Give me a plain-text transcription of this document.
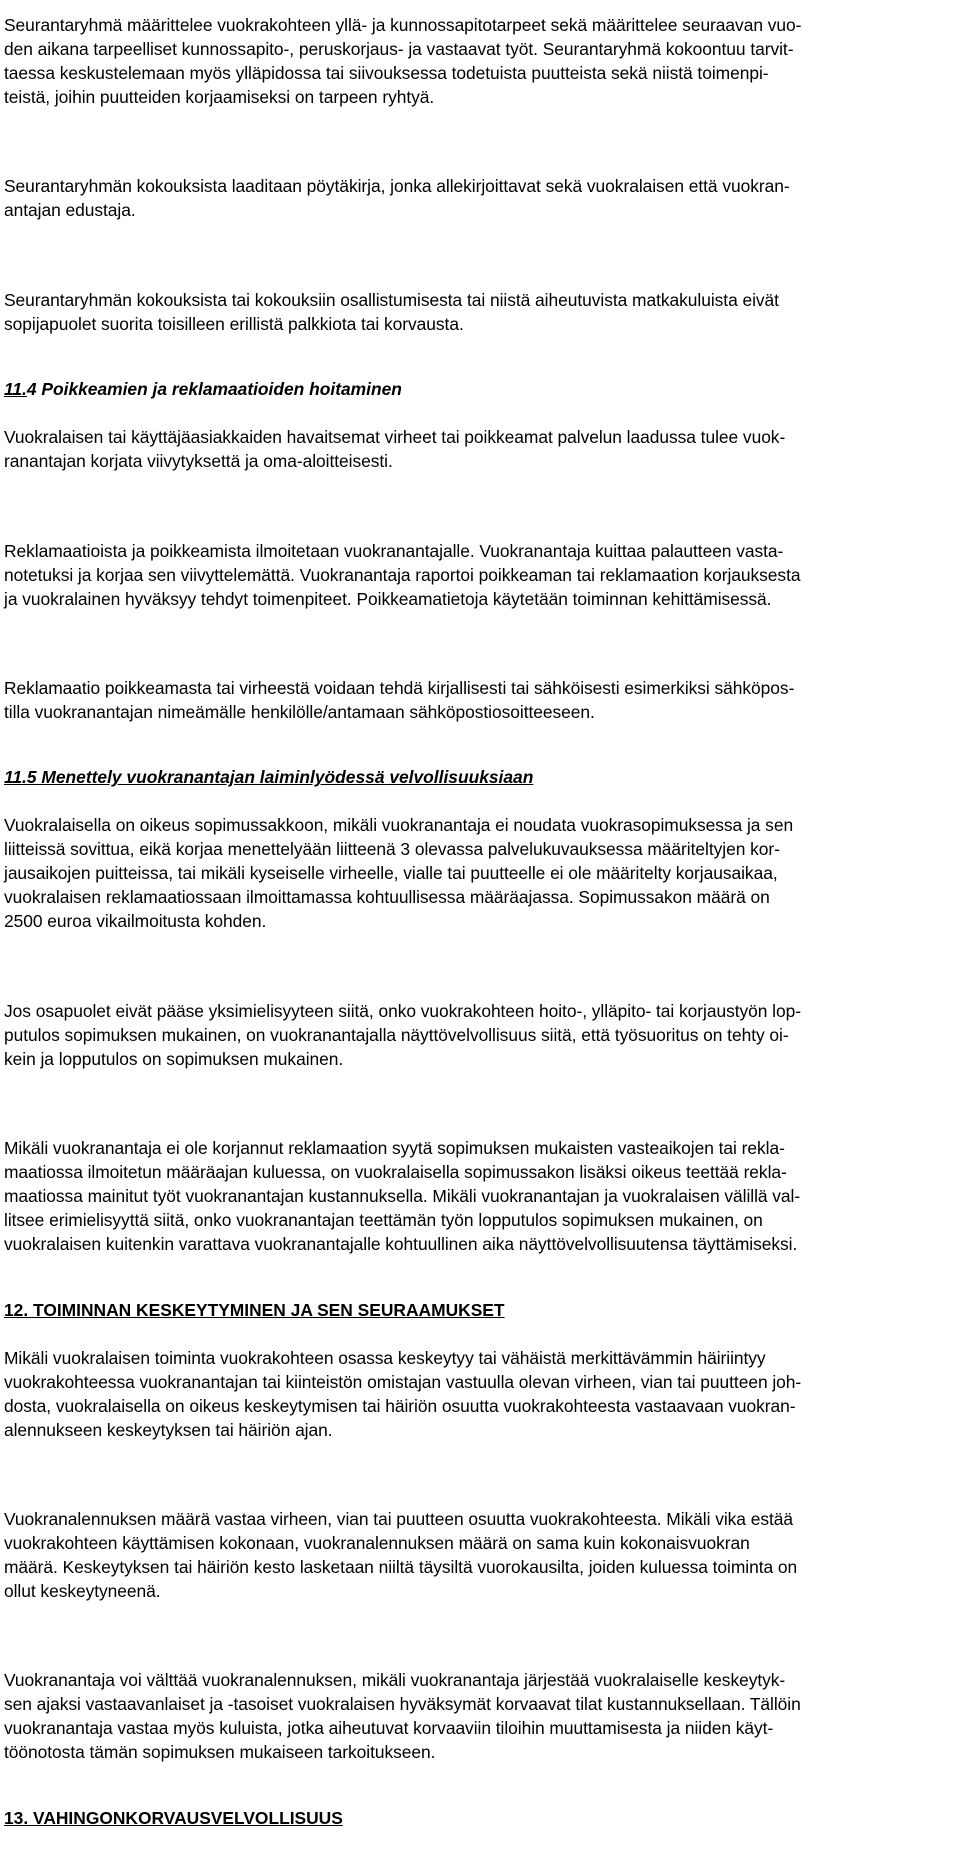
Seurantaryhmä määrittelee vuokrakohteen yllä- ja kunnossapitotarpeet sekä määrittelee seuraavan vuo-
den aikana tarpeelliset kunnossapito-, peruskorjaus- ja vastaavat työt. Seurantaryhmä kokoontuu tarvit-
taessa keskustelemaan myös ylläpidossa tai siivouksessa todetuista puutteista sekä niistä toimenpi-
teistä, joihin puutteiden korjaamiseksi on tarpeen ryhtyä.

Seurantaryhmän kokouksista laaditaan pöytäkirja, jonka allekirjoittavat sekä vuokralaisen että vuokran-
antajan edustaja.

Seurantaryhmän kokouksista tai kokouksiin osallistumisesta tai niistä aiheutuvista matkakuluista eivät
sopijapuolet suorita toisilleen erillistä palkkiota tai korvausta.

11.4 Poikkeamien ja reklamaatioiden hoitaminen

Vuokralaisen tai käyttäjäasiakkaiden havaitsemat virheet tai poikkeamat palvelun laadussa tulee vuok-
ranantajan korjata viivytyksettä ja oma-aloitteisesti.

Reklamaatioista ja poikkeamista ilmoitetaan vuokranantajalle. Vuokranantaja kuittaa palautteen vasta-
notetuksi ja korjaa sen viivyttelemättä. Vuokranantaja raportoi poikkeaman tai reklamaation korjauksesta
ja vuokralainen hyväksyy tehdyt toimenpiteet. Poikkeamatietoja käytetään toiminnan kehittämisessä.

Reklamaatio poikkeamasta tai virheestä voidaan tehdä kirjallisesti tai sähköisesti esimerkiksi sähköpos-
tilla vuokranantajan nimeämälle henkilölle/antamaan sähköpostiosoitteeseen.

11.5 Menettely vuokranantajan laiminlyödessä velvollisuuksiaan

Vuokralaisella on oikeus sopimussakkoon, mikäli vuokranantaja ei noudata vuokrasopimuksessa ja sen
liitteissä sovittua, eikä korjaa menettelyään liitteenä 3 olevassa palvelukuvauksessa määriteltyjen kor-
jausaikojen puitteissa, tai mikäli kyseiselle virheelle, vialle tai puutteelle ei ole määritelty korjausaikaa,
vuokralaisen reklamaatiossaan ilmoittamassa kohtuullisessa määräajassa. Sopimussakon määrä on
2500 euroa vikailmoitusta kohden.

Jos osapuolet eivät pääse yksimielisyyteen siitä, onko vuokrakohteen hoito-, ylläpito- tai korjaustyön lop-
putulos sopimuksen mukainen, on vuokranantajalla näyttövelvollisuus siitä, että työsuoritus on tehty oi-
kein ja lopputulos on sopimuksen mukainen.

Mikäli vuokranantaja ei ole korjannut reklamaation syytä sopimuksen mukaisten vasteaikojen tai rekla-
maatiossa ilmoitetun määräajan kuluessa, on vuokralaisella sopimussakon lisäksi oikeus teettää rekla-
maatiossa mainitut työt vuokranantajan kustannuksella. Mikäli vuokranantajan ja vuokralaisen välillä val-
litsee erimielisyyttä siitä, onko vuokranantajan teettämän työn lopputulos sopimuksen mukainen, on
vuokralaisen kuitenkin varattava vuokranantajalle kohtuullinen aika näyttövelvollisuutensa täyttämiseksi.

12. TOIMINNAN KESKEYTYMINEN JA SEN SEURAAMUKSET

Mikäli vuokralaisen toiminta vuokrakohteen osassa keskeytyy tai vähäistä merkittävämmin häiriintyy
vuokrakohteessa vuokranantajan tai kiinteistön omistajan vastuulla olevan virheen, vian tai puutteen joh-
dosta, vuokralaisella on oikeus keskeytymisen tai häiriön osuutta vuokrakohteesta vastaavaan vuokran-
alennukseen keskeytyksen tai häiriön ajan.

Vuokranalennuksen määrä vastaa virheen, vian tai puutteen osuutta vuokrakohteesta. Mikäli vika estää
vuokrakohteen käyttämisen kokonaan, vuokranalennuksen määrä on sama kuin kokonaisvuokran
määrä. Keskeytyksen tai häiriön kesto lasketaan niiltä täysiltä vuorokausilta, joiden kuluessa toiminta on
ollut keskeytyneenä.

Vuokranantaja voi välttää vuokranalennuksen, mikäli vuokranantaja järjestää vuokralaiselle keskeytyk-
sen ajaksi vastaavanlaiset ja -tasoiset vuokralaisen hyväksymät korvaavat tilat kustannuksellaan. Tällöin
vuokranantaja vastaa myös kuluista, jotka aiheutuvat korvaaviin tiloihin muuttamisesta ja niiden käyt-
töönotosta tämän sopimuksen mukaiseen tarkoitukseen.

13. VAHINGONKORVAUSVELVOLLISUUS
